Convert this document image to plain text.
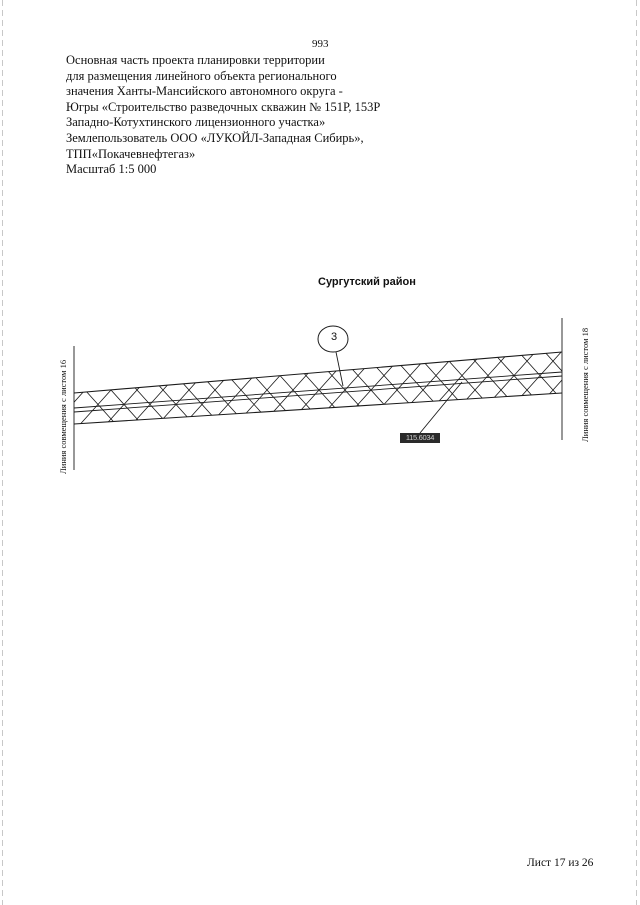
993
Основная часть проекта планировки территории
для размещения линейного объекта регионального
значения Ханты-Мансийского автономного округа -
Югры «Строительство разведочных скважин № 151Р, 153Р
Западно-Котухтинского лицензионного участка»
Землепользователь ООО «ЛУКОЙЛ-Западная Сибирь»,
ТПП«Покачевнефтегаз»
Масштаб 1:5 000
Сургутский район
3
115.6034
Линия совмещения с листом 16	Линия совмещения с листом 18
Лист 17 из 26
